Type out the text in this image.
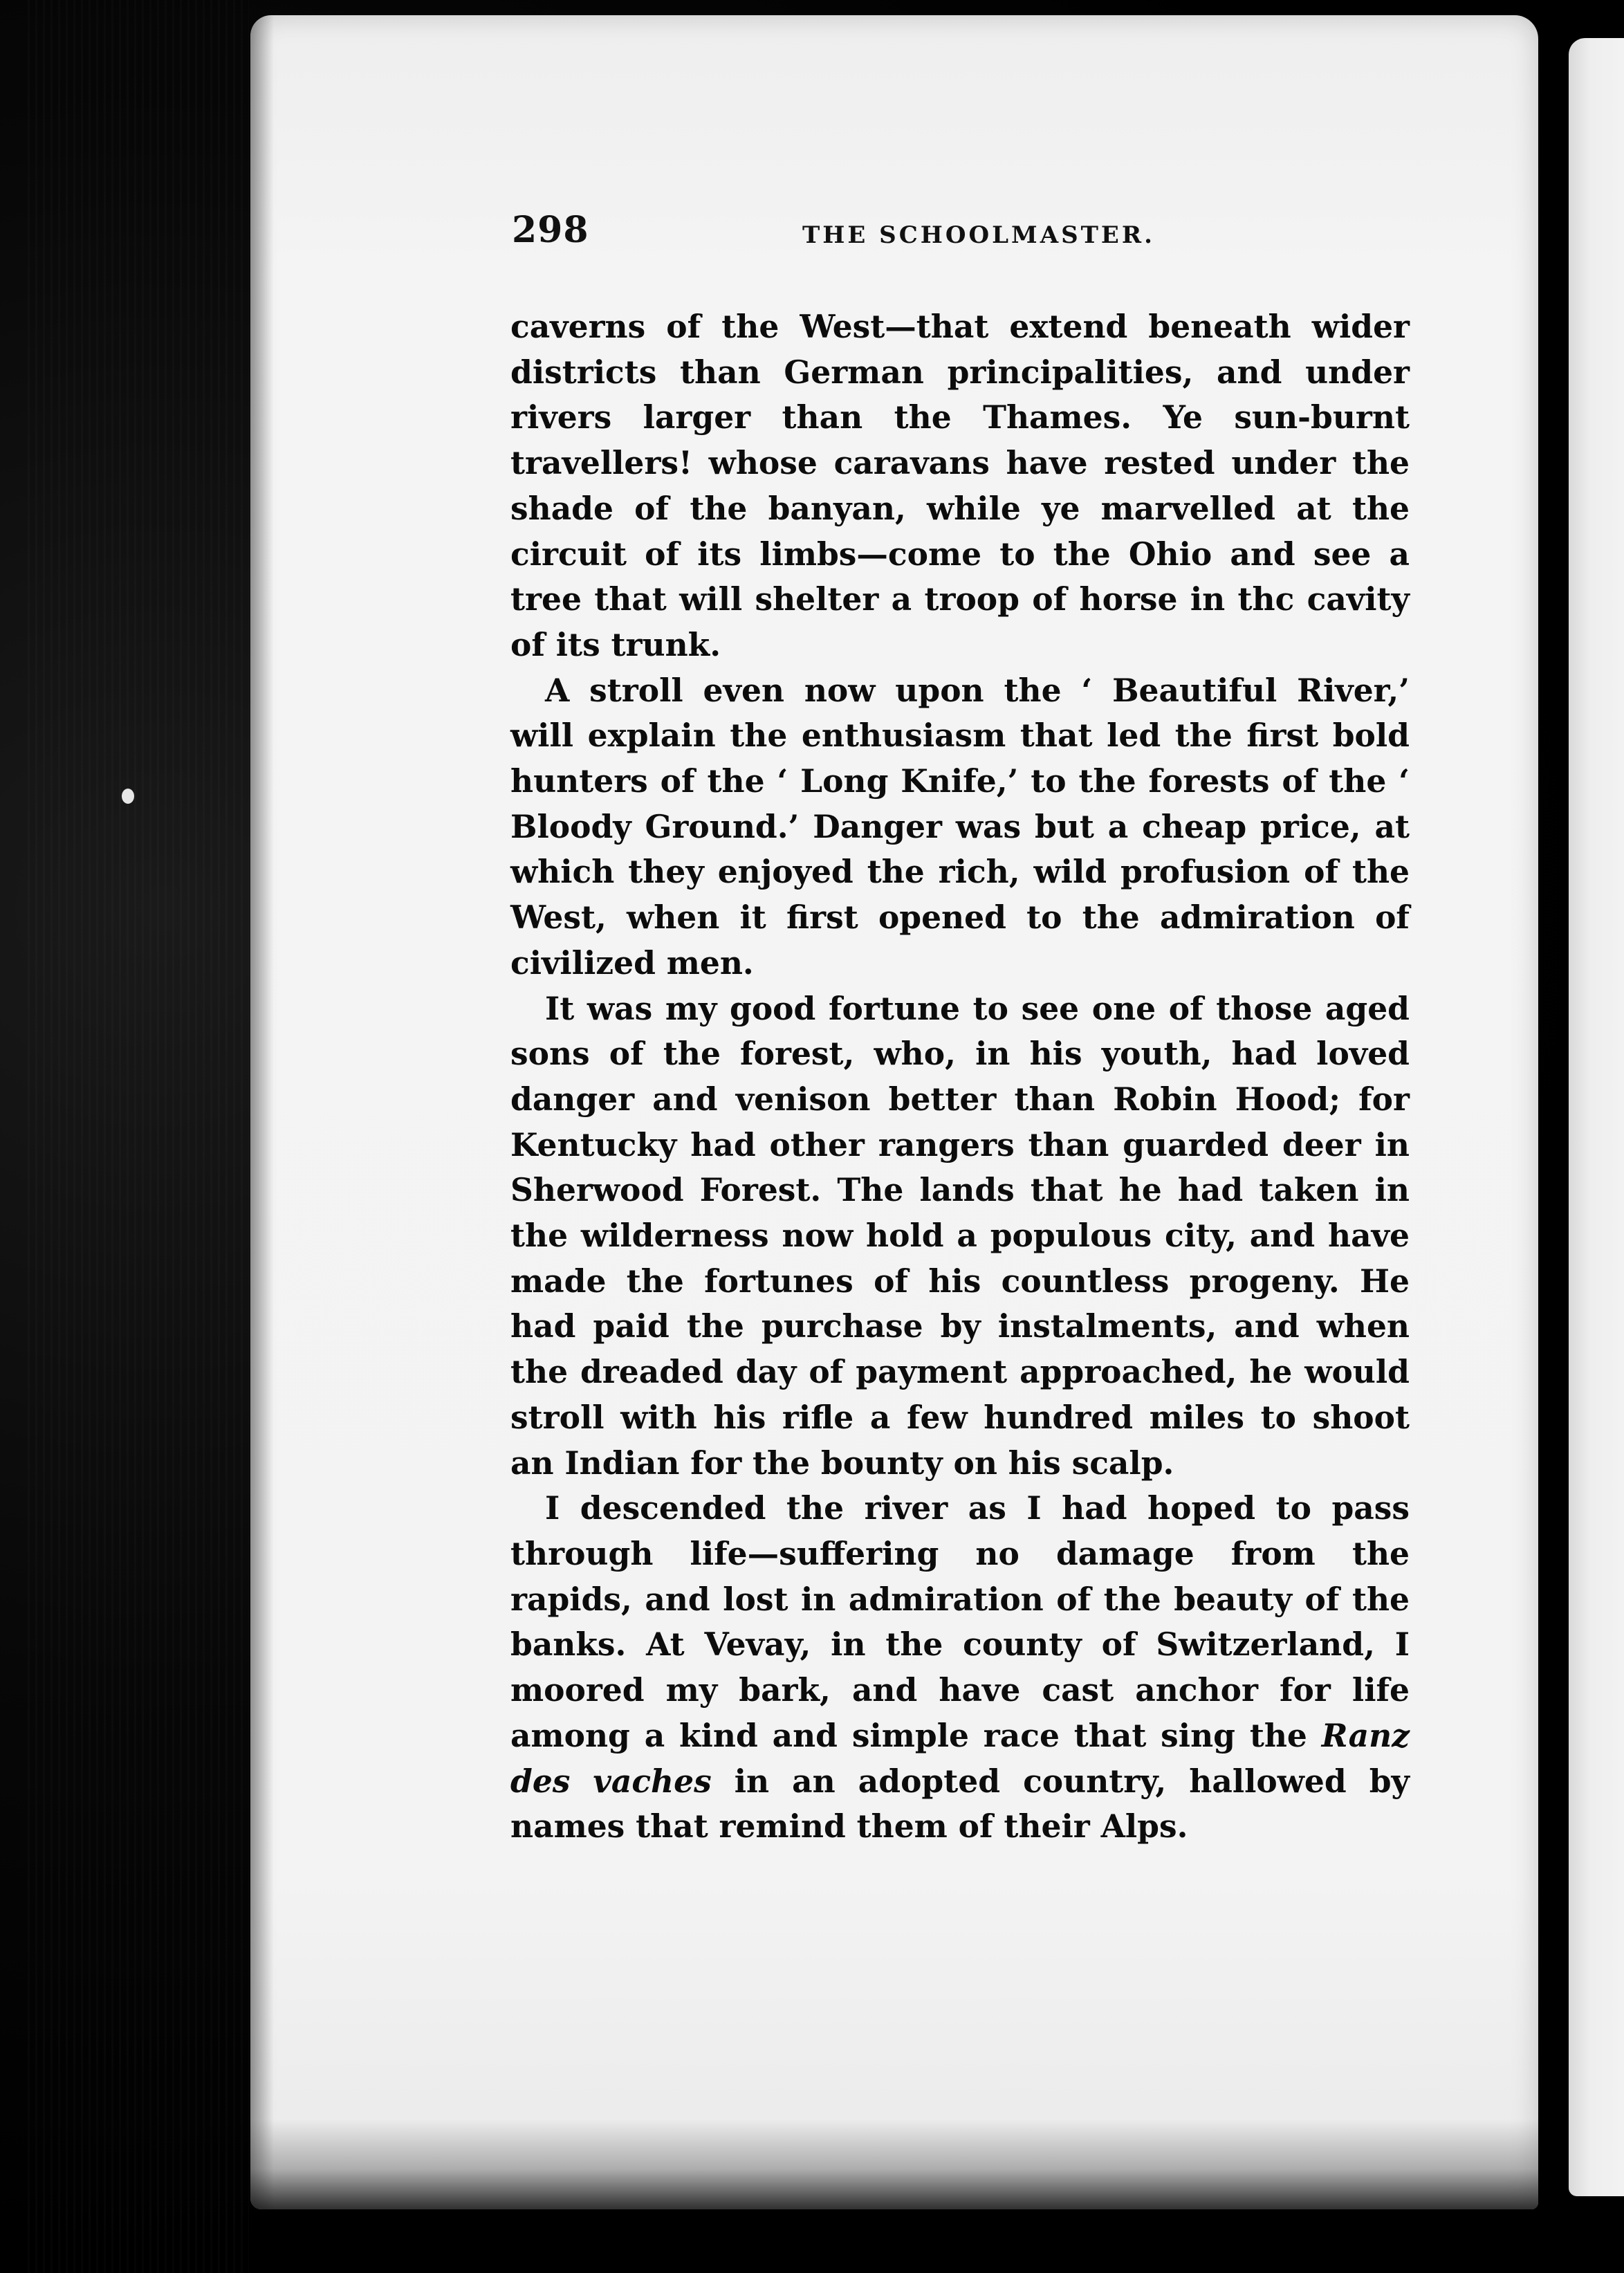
298	THE SCHOOLMASTER.

caverns of the West—that extend beneath wider districts than German principalities, and under rivers larger than the Thames. Ye sun-burnt travellers! whose caravans have rested under the shade of the banyan, while ye marvelled at the circuit of its limbs—come to the Ohio and see a tree that will shelter a troop of horse in thc cavity of its trunk.

A stroll even now upon the ‘ Beautiful River,’ will explain the enthusiasm that led the first bold hunters of the ‘ Long Knife,’ to the forests of the ‘ Bloody Ground.’ Danger was but a cheap price, at which they enjoyed the rich, wild profusion of the West, when it first opened to the admiration of civilized men.

It was my good fortune to see one of those aged sons of the forest, who, in his youth, had loved danger and venison better than Robin Hood; for Kentucky had other rangers than guarded deer in Sherwood Forest. The lands that he had taken in the wilderness now hold a populous city, and have made the fortunes of his countless progeny. He had paid the purchase by instalments, and when the dreaded day of payment approached, he would stroll with his rifle a few hundred miles to shoot an Indian for the bounty on his scalp.

I descended the river as I had hoped to pass through life—suffering no damage from the rapids, and lost in admiration of the beauty of the banks. At Vevay, in the county of Switzerland, I moored my bark, and have cast anchor for life among a kind and simple race that sing the Ranz des vaches in an adopted country, hallowed by names that remind them of their Alps.
